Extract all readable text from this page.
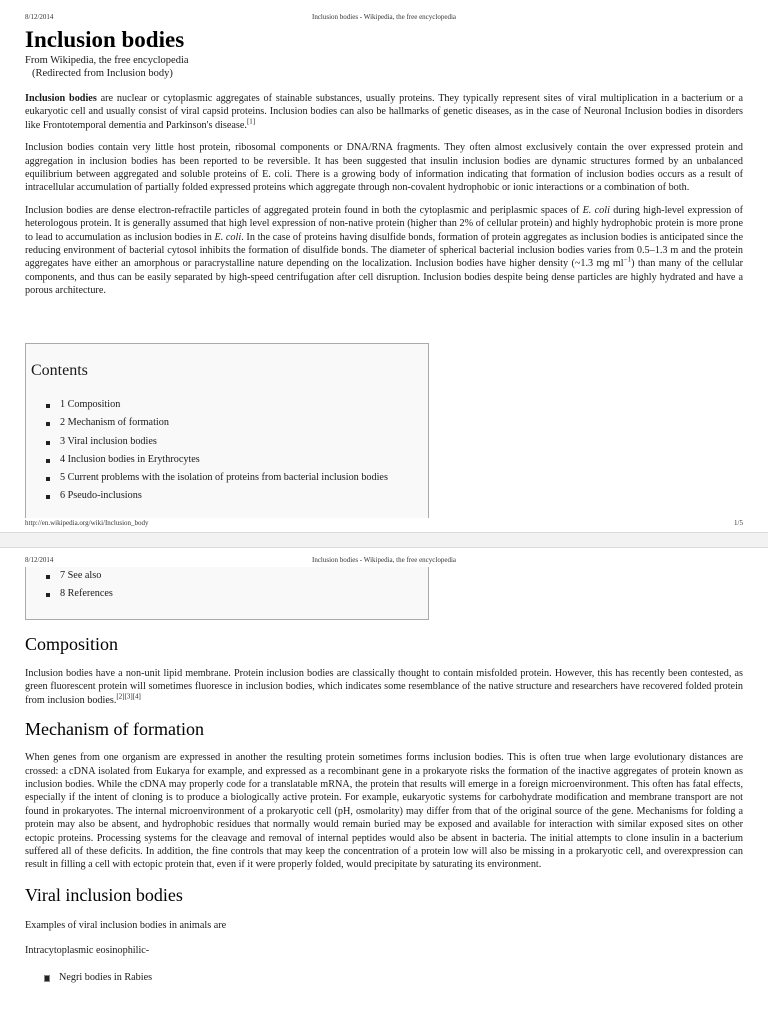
8/12/2014	Inclusion bodies - Wikipedia, the free encyclopedia
Inclusion bodies
From Wikipedia, the free encyclopedia
(Redirected from Inclusion body)

Inclusion bodies are nuclear or cytoplasmic aggregates of stainable substances, usually proteins. They typically represent sites of viral multiplication in a bacterium or a eukaryotic cell and usually consist of viral capsid proteins. Inclusion bodies can also be hallmarks of genetic diseases, as in the case of Neuronal Inclusion bodies in disorders like Frontotemporal dementia and Parkinson's disease.[1]

Inclusion bodies contain very little host protein, ribosomal components or DNA/RNA fragments. They often almost exclusively contain the over expressed protein and aggregation in inclusion bodies has been reported to be reversible. It has been suggested that insulin inclusion bodies are dynamic structures formed by an unbalanced equilibrium between aggregated and soluble proteins of E. coli. There is a growing body of information indicating that formation of inclusion bodies occurs as a result of intracellular accumulation of partially folded expressed proteins which aggregate through non-covalent hydrophobic or ionic interactions or a combination of both.

Inclusion bodies are dense electron-refractile particles of aggregated protein found in both the cytoplasmic and periplasmic spaces of E. coli during high-level expression of heterologous protein. It is generally assumed that high level expression of non-native protein (higher than 2% of cellular protein) and highly hydrophobic protein is more prone to lead to accumulation as inclusion bodies in E. coli. In the case of proteins having disulfide bonds, formation of protein aggregates as inclusion bodies is anticipated since the reducing environment of bacterial cytosol inhibits the formation of disulfide bonds. The diameter of spherical bacterial inclusion bodies varies from 0.5–1.3 m and the protein aggregates have either an amorphous or paracrystalline nature depending on the localization. Inclusion bodies have higher density (~1.3 mg $ml^{-1}$) than many of the cellular components, and thus can be easily separated by high-speed centrifugation after cell disruption. Inclusion bodies despite being dense particles are highly hydrated and have a porous architecture.

Contents
1 Composition
2 Mechanism of formation
3 Viral inclusion bodies
4 Inclusion bodies in Erythrocytes
5 Current problems with the isolation of proteins from bacterial inclusion bodies
6 Pseudo-inclusions
http://en.wikipedia.org/wiki/Inclusion_body	1/5
8/12/2014	Inclusion bodies - Wikipedia, the free encyclopedia
7 See also
8 References
Composition

Inclusion bodies have a non-unit lipid membrane. Protein inclusion bodies are classically thought to contain misfolded protein. However, this has recently been contested, as green fluorescent protein will sometimes fluoresce in inclusion bodies, which indicates some resemblance of the native structure and researchers have recovered folded protein from inclusion bodies.[2][3][4]

Mechanism of formation

When genes from one organism are expressed in another the resulting protein sometimes forms inclusion bodies. This is often true when large evolutionary distances are crossed: a cDNA isolated from Eukarya for example, and expressed as a recombinant gene in a prokaryote risks the formation of the inactive aggregates of protein known as inclusion bodies. While the cDNA may properly code for a translatable mRNA, the protein that results will emerge in a foreign microenvironment. This often has fatal effects, especially if the intent of cloning is to produce a biologically active protein. For example, eukaryotic systems for carbohydrate modification and membrane transport are not found in prokaryotes. The internal microenvironment of a prokaryotic cell (pH, osmolarity) may differ from that of the original source of the gene. Mechanisms for folding a protein may also be absent, and hydrophobic residues that normally would remain buried may be exposed and available for interaction with similar exposed sites on other ectopic proteins. Processing systems for the cleavage and removal of internal peptides would also be absent in bacteria. The initial attempts to clone insulin in a bacterium suffered all of these deficits. In addition, the fine controls that may keep the concentration of a protein low will also be missing in a prokaryotic cell, and overexpression can result in filling a cell with ectopic protein that, even if it were properly folded, would precipitate by saturating its environment.

Viral inclusion bodies

Examples of viral inclusion bodies in animals are

Intracytoplasmic eosinophilic-

Negri bodies in Rabies
